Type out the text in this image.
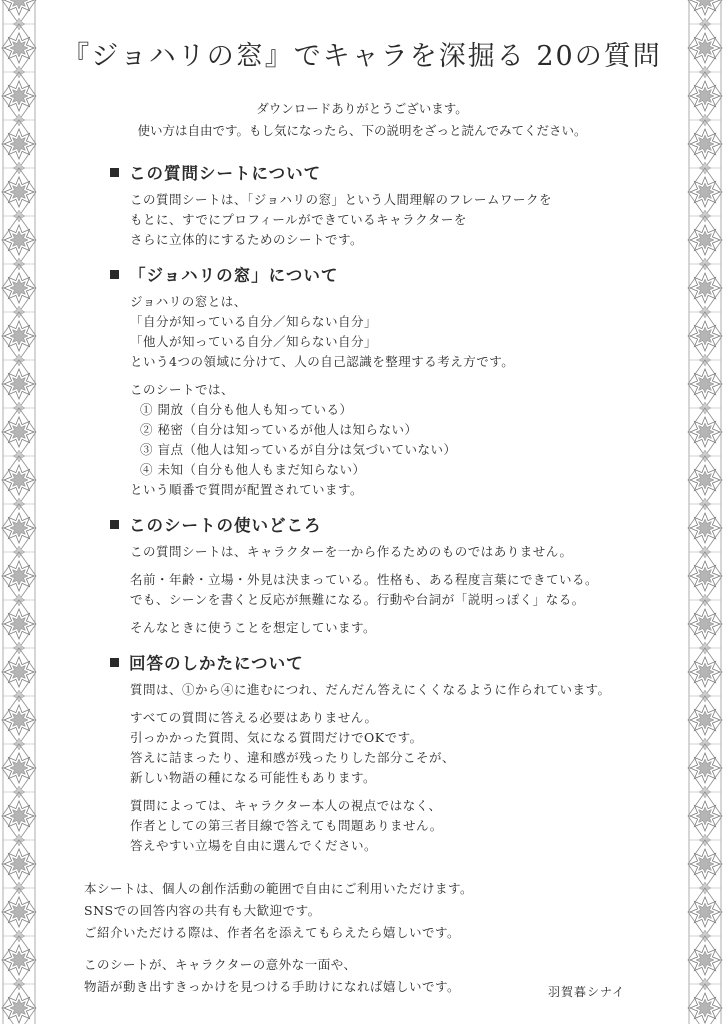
『ジョハリの窓』でキャラを深掘る 20の質問
ダウンロードありがとうございます。
使い方は自由です。もし気になったら、下の説明をざっと読んでみてください。
この質問シートについて

この質問シートは、「ジョハリの窓」という人間理解のフレームワークを

もとに、すでにプロフィールができているキャラクターを

さらに立体的にするためのシートです。

「ジョハリの窓」について

ジョハリの窓とは、

「自分が知っている自分／知らない自分」

「他人が知っている自分／知らない自分」

という4つの領域に分けて、人の自己認識を整理する考え方です。

このシートでは、

① 開放（自分も他人も知っている）

② 秘密（自分は知っているが他人は知らない）

③ 盲点（他人は知っているが自分は気づいていない）

④ 未知（自分も他人もまだ知らない）

という順番で質問が配置されています。

このシートの使いどころ

この質問シートは、キャラクターを一から作るためのものではありません。

名前・年齢・立場・外見は決まっている。性格も、ある程度言葉にできている。

でも、シーンを書くと反応が無難になる。行動や台詞が「説明っぽく」なる。

そんなときに使うことを想定しています。

回答のしかたについて

質問は、①から④に進むにつれ、だんだん答えにくくなるように作られています。

すべての質問に答える必要はありません。

引っかかった質問、気になる質問だけでOKです。

答えに詰まったり、違和感が残ったりした部分こそが、

新しい物語の種になる可能性もあります。

質問によっては、キャラクター本人の視点ではなく、

作者としての第三者目線で答えても問題ありません。

答えやすい立場を自由に選んでください。

本シートは、個人の創作活動の範囲で自由にご利用いただけます。

SNSでの回答内容の共有も大歓迎です。

ご紹介いただける際は、作者名を添えてもらえたら嬉しいです。

このシートが、キャラクターの意外な一面や、

物語が動き出すきっかけを見つける手助けになれば嬉しいです。	羽賀暮シナイ
